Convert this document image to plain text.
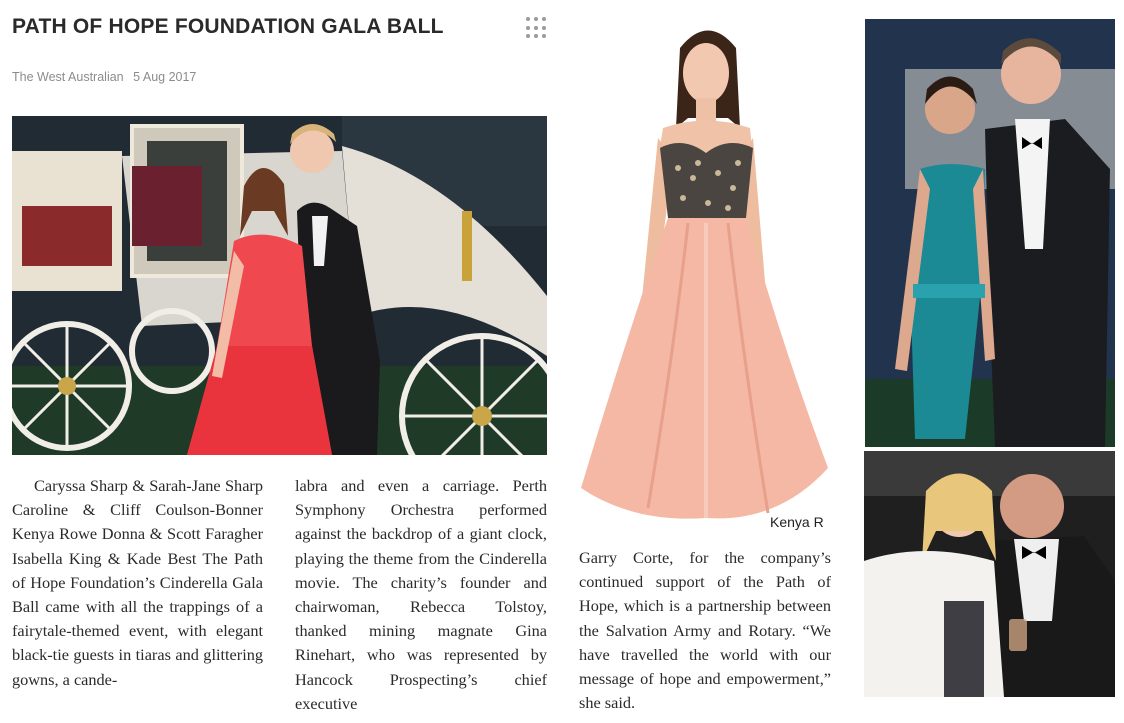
PATH OF HOPE FOUNDATION GALA BALL
The West Australian 5 Aug 2017
Kenya R

Caryssa Sharp & Sarah-Jane Sharp Caroline & Cliff Coulson-Bonner Kenya Rowe Donna & Scott Faragher Isabella King & Kade Best The Path of Hope Foundation’s Cinderella Gala Ball came with all the trappings of a fairytale-themed event, with elegant black-tie guests in tiaras and glittering gowns, a cande-

labra and even a carriage. Perth Symphony Orchestra performed against the backdrop of a giant clock, playing the theme from the Cinderella movie. The charity’s founder and chairwoman, Rebecca Tolstoy, thanked mining magnate Gina Rinehart, who was represented by Hancock Prospecting’s chief executive

Garry Corte, for the company’s continued support of the Path of Hope, which is a partnership between the Salvation Army and Rotary. “We have travelled the world with our message of hope and empowerment,” she said.
